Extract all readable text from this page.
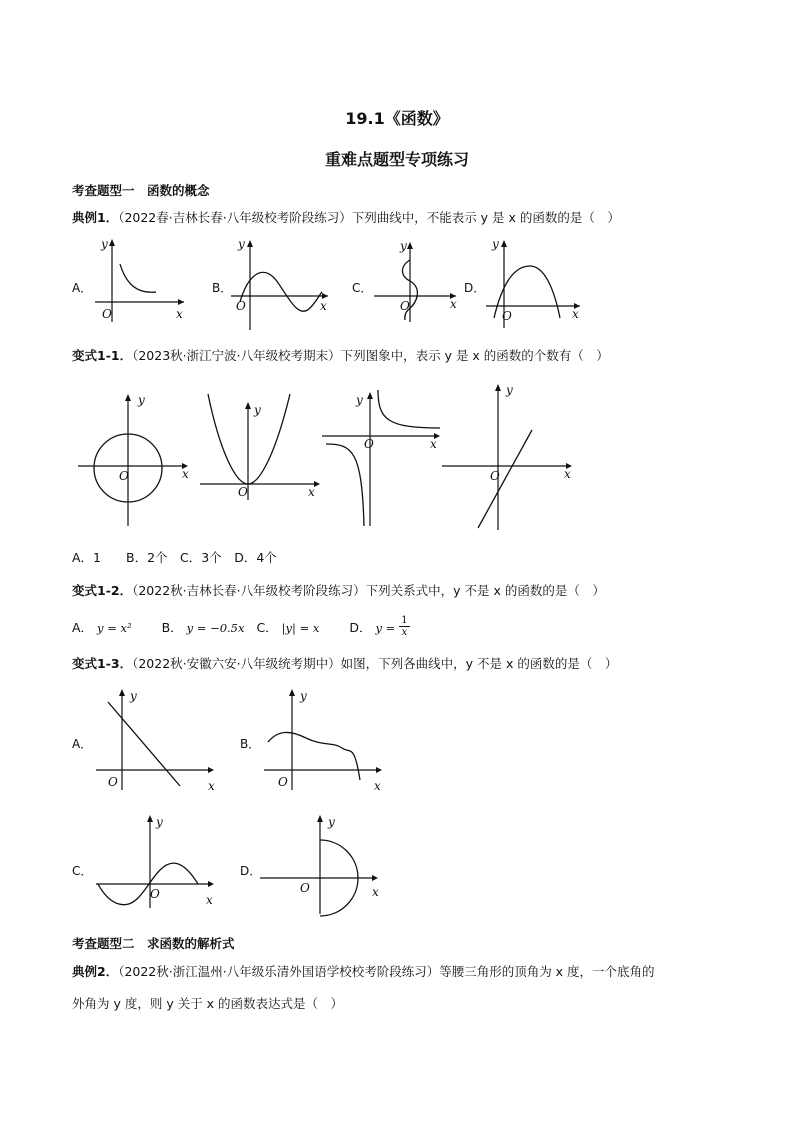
19.1《函数》
重难点题型专项练习
考查题型一　函数的概念
典例1．（2022春·吉林长春·八年级校考阶段练习）下列曲线中，不能表示 y 是 x 的函数的是（　）
A．
y
x
O
B．
y
x
O
C．
y
x
O
D．
y
x
O
变式1-1．（2023秋·浙江宁波·八年级校考期末）下列图象中，表示 y 是 x 的函数的个数有（　）
y
x
O
y
x
O
y
x
O
y
x
O
A．1　　B．2个　C．3个　D．4个
变式1-2．（2022秋·吉林长春·八年级校考阶段练习）下列关系式中，y 不是 x 的函数的是（　）
A． y = x² B． y = −0.5x C． |y| = x D． $y = \frac{1}{x}$
变式1-3．（2022秋·安徽六安·八年级统考期中）如图，下列各曲线中，y 不是 x 的函数的是（　）
A．
y
x
O
B．
y
x
O
C．
y
x
O
D．
y
x
O
考查题型二　求函数的解析式
典例2．（2022秋·浙江温州·八年级乐清外国语学校校考阶段练习）等腰三角形的顶角为 x 度，一个底角的
外角为 y 度，则 y 关于 x 的函数表达式是（　）
